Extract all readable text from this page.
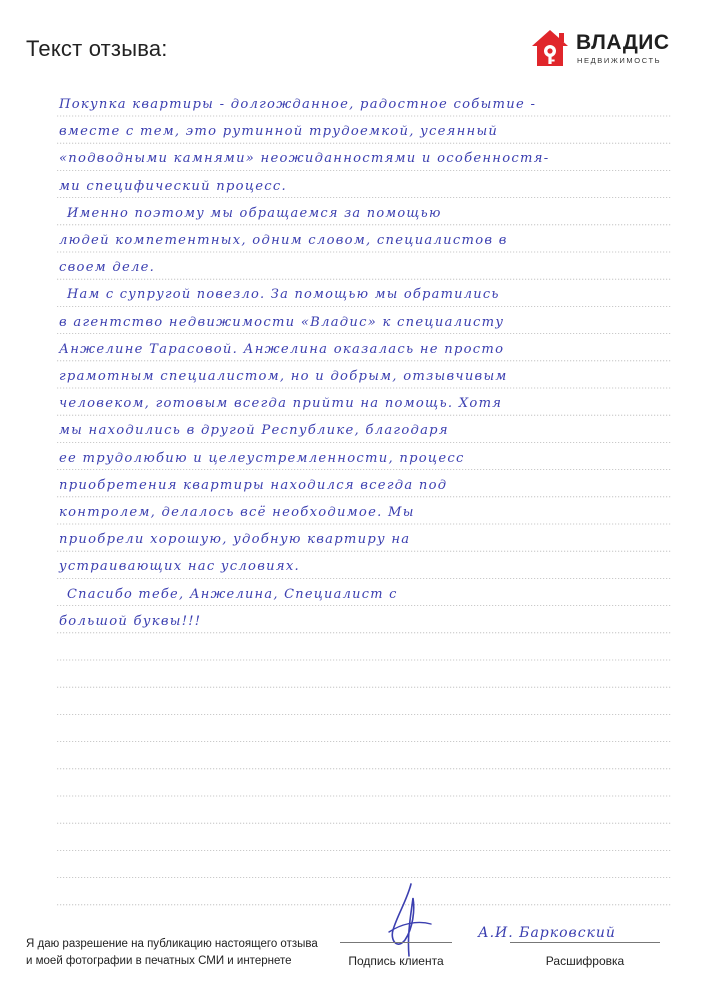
Текст отзыва:	ВЛАДИС
НЕДВИЖИМОСТЬ
Покупка квартиры - долгожданное, радостное событие -
вместе с тем, это рутинной трудоемкой, усеянный
«подводными камнями» неожиданностями и особенностя-
ми специфический процесс.
Именно поэтому мы обращаемся за помощью
людей компетентных, одним словом, специалистов в
своем деле.
Нам с супругой повезло. За помощью мы обратились
в агентство недвижимости «Владис» к специалисту
Анжелине Тарасовой. Анжелина оказалась не просто
грамотным специалистом, но и добрым, отзывчивым
человеком, готовым всегда прийти на помощь. Хотя
мы находились в другой Республике, благодаря
ее трудолюбию и целеустремленности, процесс
приобретения квартиры находился всегда под
контролем, делалось всё необходимое. Мы
приобрели хорошую, удобную квартиру на
устраивающих нас условиях.
Спасибо тебе, Анжелина, Специалист с
большой буквы!!!
Я даю разрешение на публикацию настоящего отзыва
и моей фотографии в печатных СМИ и интернете	Подпись клиента
А.И. Барковский
Расшифровка
